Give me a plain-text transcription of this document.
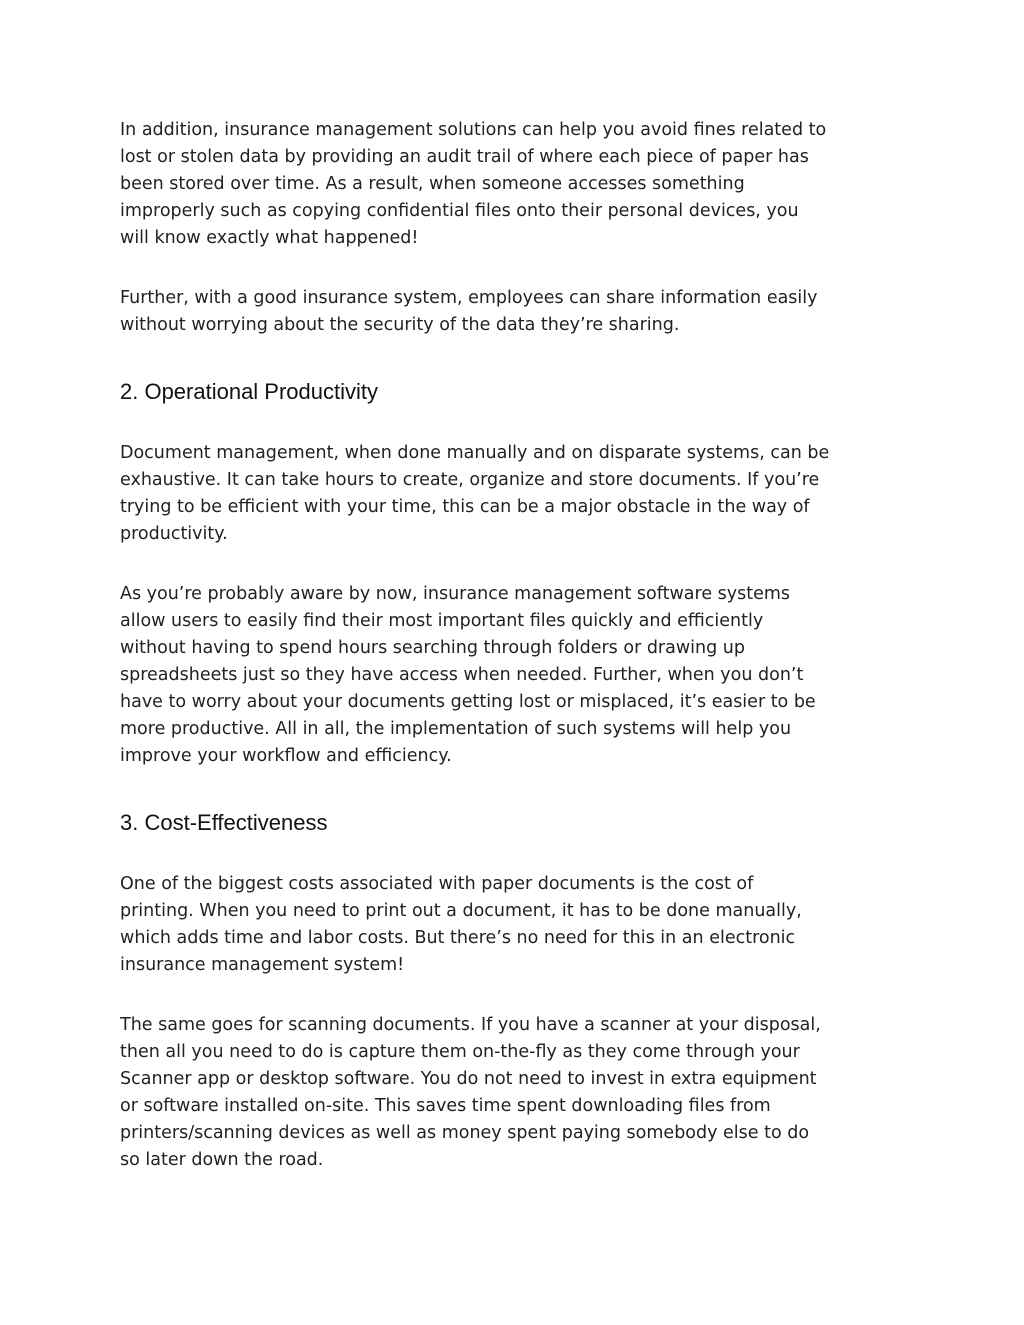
In addition, insurance management solutions can help you avoid fines related to
lost or stolen data by providing an audit trail of where each piece of paper has
been stored over time. As a result, when someone accesses something
improperly such as copying confidential files onto their personal devices, you
will know exactly what happened!

Further, with a good insurance system, employees can share information easily
without worrying about the security of the data they’re sharing.

2. Operational Productivity

Document management, when done manually and on disparate systems, can be
exhaustive. It can take hours to create, organize and store documents. If you’re
trying to be efficient with your time, this can be a major obstacle in the way of
productivity.

As you’re probably aware by now, insurance management software systems
allow users to easily find their most important files quickly and efficiently
without having to spend hours searching through folders or drawing up
spreadsheets just so they have access when needed. Further, when you don’t
have to worry about your documents getting lost or misplaced, it’s easier to be
more productive. All in all, the implementation of such systems will help you
improve your workflow and efficiency.

3. Cost-Effectiveness

One of the biggest costs associated with paper documents is the cost of
printing. When you need to print out a document, it has to be done manually,
which adds time and labor costs. But there’s no need for this in an electronic
insurance management system!

The same goes for scanning documents. If you have a scanner at your disposal,
then all you need to do is capture them on-the-fly as they come through your
Scanner app or desktop software. You do not need to invest in extra equipment
or software installed on-site. This saves time spent downloading files from
printers/scanning devices as well as money spent paying somebody else to do
so later down the road.
